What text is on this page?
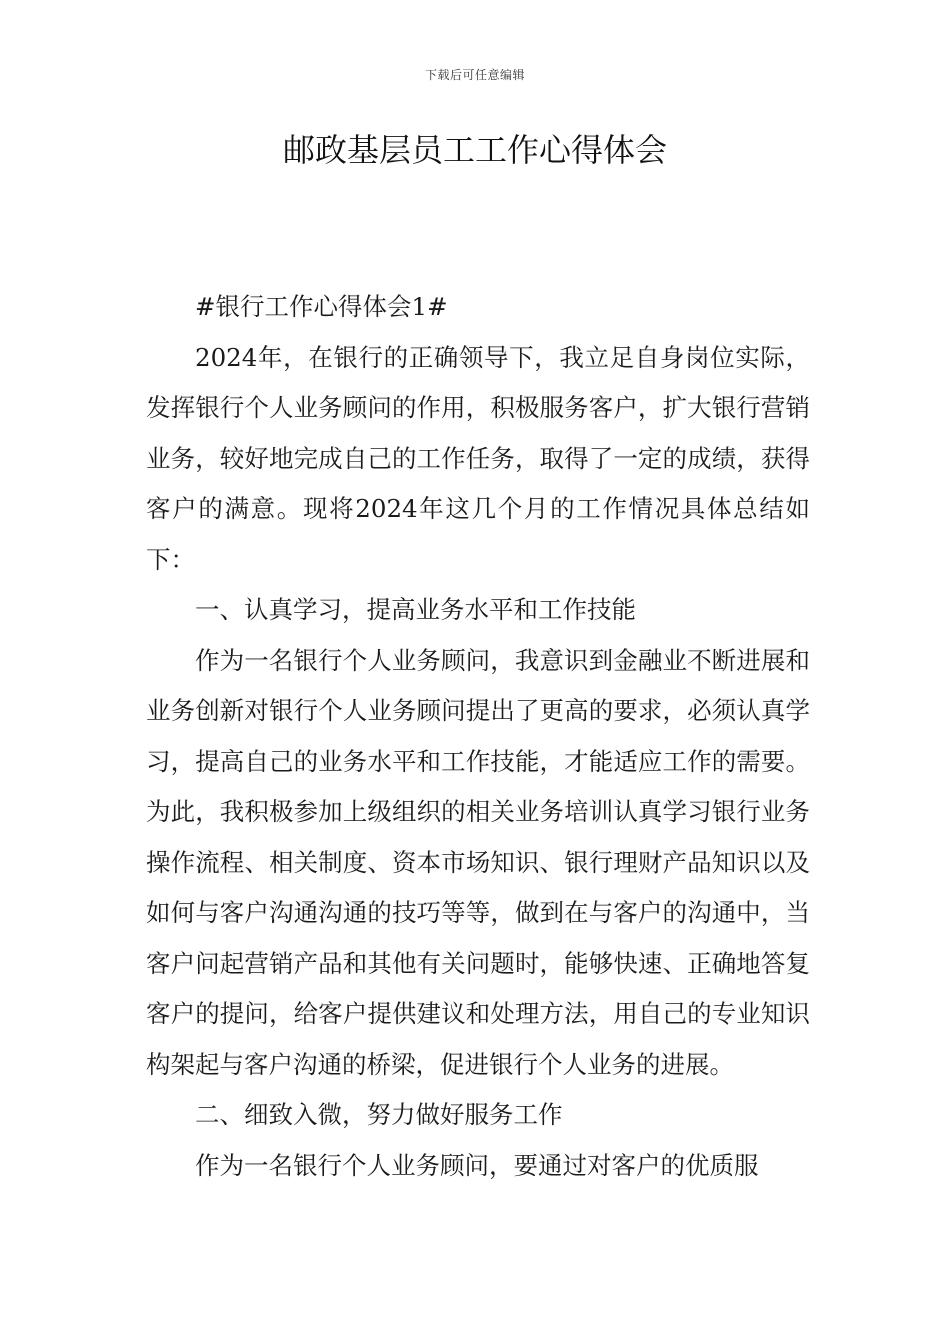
下载后可任意编辑
邮政基层员工工作心得体会

#银行工作心得体会1#

2024年，在银行的正确领导下，我立足自身岗位实际，发挥银行个人业务顾问的作用，积极服务客户，扩大银行营销业务，较好地完成自己的工作任务，取得了一定的成绩，获得客户的满意。现将2024年这几个月的工作情况具体总结如下：

一、认真学习，提高业务水平和工作技能

作为一名银行个人业务顾问，我意识到金融业不断进展和业务创新对银行个人业务顾问提出了更高的要求，必须认真学习，提高自己的业务水平和工作技能，才能适应工作的需要。为此，我积极参加上级组织的相关业务培训认真学习银行业务操作流程、相关制度、资本市场知识、银行理财产品知识以及如何与客户沟通沟通的技巧等等，做到在与客户的沟通中，当客户问起营销产品和其他有关问题时，能够快速、正确地答复客户的提问，给客户提供建议和处理方法，用自己的专业知识构架起与客户沟通的桥梁，促进银行个人业务的进展。

二、细致入微，努力做好服务工作

作为一名银行个人业务顾问，要通过对客户的优质服
